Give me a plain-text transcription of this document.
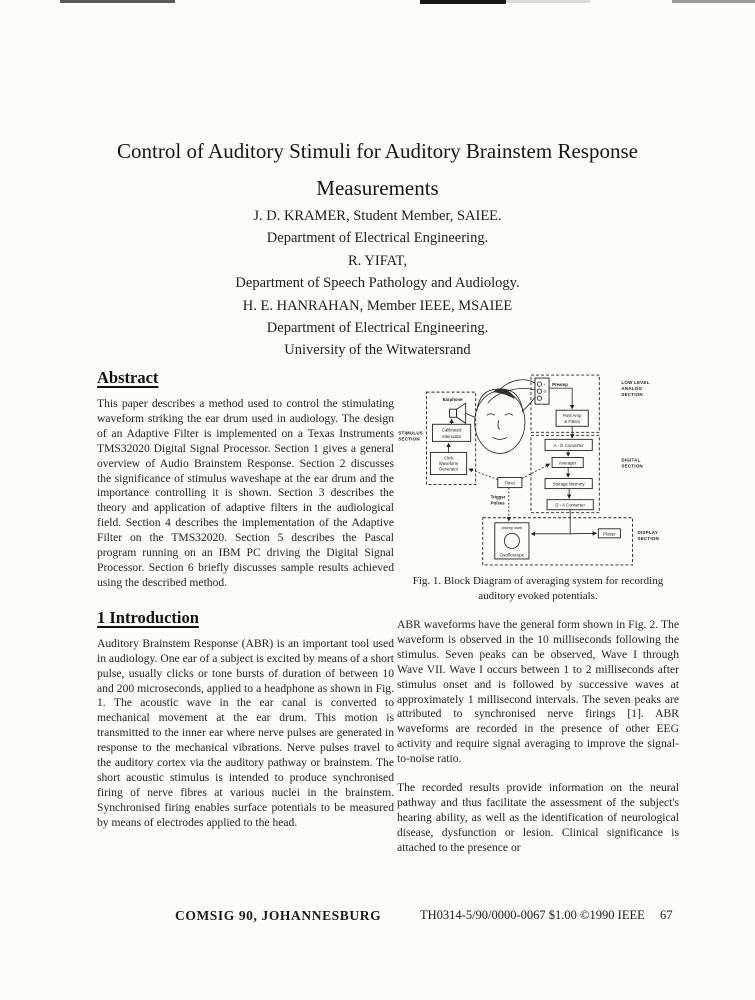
Control of Auditory Stimuli for Auditory Brainstem Response
Measurements
J. D. KRAMER, Student Member, SAIEE.
Department of Electrical Engineering.
R. YIFAT,
Department of Speech Pathology and Audiology.
H. E. HANRAHAN, Member IEEE, MSAIEE
Department of Electrical Engineering.
University of the Witwatersrand
Abstract

This paper describes a method used to control the stimulating waveform striking the ear drum used in audiology. The design of an Adaptive Filter is implemented on a Texas Instruments TMS32020 Digital Signal Processor. Section 1 gives a general overview of Audio Brainstem Response. Section 2 discusses the significance of stimulus waveshape at the ear drum and the importance controlling it is shown. Section 3 describes the theory and application of adaptive filters in the audiological field. Section 4 describes the implementation of the Adaptive Filter on the TMS32020. Section 5 describes the Pascal program running on an IBM PC driving the Digital Signal Processor. Section 6 briefly discusses sample results achieved using the described method.

1 Introduction

Auditory Brainstem Response (ABR) is an important tool used in audiology. One ear of a subject is excited by means of a short pulse, usually clicks or tone bursts of duration of between 10 and 200 microseconds, applied to a headphone as shown in Fig. 1. The acoustic wave in the ear canal is converted to mechanical movement at the ear drum. This motion is transmitted to the inner ear where nerve pulses are generated in response to the mechanical vibrations. Nerve pulses travel to the auditory cortex via the auditory pathway or brainstem. The short acoustic stimulus is intended to produce synchronised firing of nerve fibres at various nuclei in the brainstem. Synchronised firing enables surface potentials to be measured by means of electrodes applied to the head.

STIMULUS
SECTION
LOW LEVEL
ANALOG
SECTION
DIGITAL
SECTION
DISPLAY
SECTION
Earphone
Calibrated
Attenuator
Click
Waveform
Generator
+
G
-
Preamp
Post Amp
& Filters
A - D Converter
Averager
Storage Memory
D - A Converter
Timer
Trigger
Pulses
(sweep start)
Oscilloscope
Plotter
Fig. 1. Block Diagram of averaging system for recording
auditory evoked potentials.

ABR waveforms have the general form shown in Fig. 2. The waveform is observed in the 10 milliseconds following the stimulus. Seven peaks can be observed, Wave I through Wave VII. Wave I occurs between 1 to 2 milliseconds after stimulus onset and is followed by successive waves at approximately 1 millisecond intervals. The seven peaks are attributed to synchronised nerve firings [1]. ABR waveforms are recorded in the presence of other EEG activity and require signal averaging to improve the signal-to-noise ratio.

The recorded results provide information on the neural pathway and thus facilitate the assessment of the subject's hearing ability, as well as the identification of neurological disease, dysfunction or lesion. Clinical significance is attached to the presence or

COMSIG 90, JOHANNESBURG	TH0314-5/90/0000-0067 $1.00 ©1990 IEEE 67
